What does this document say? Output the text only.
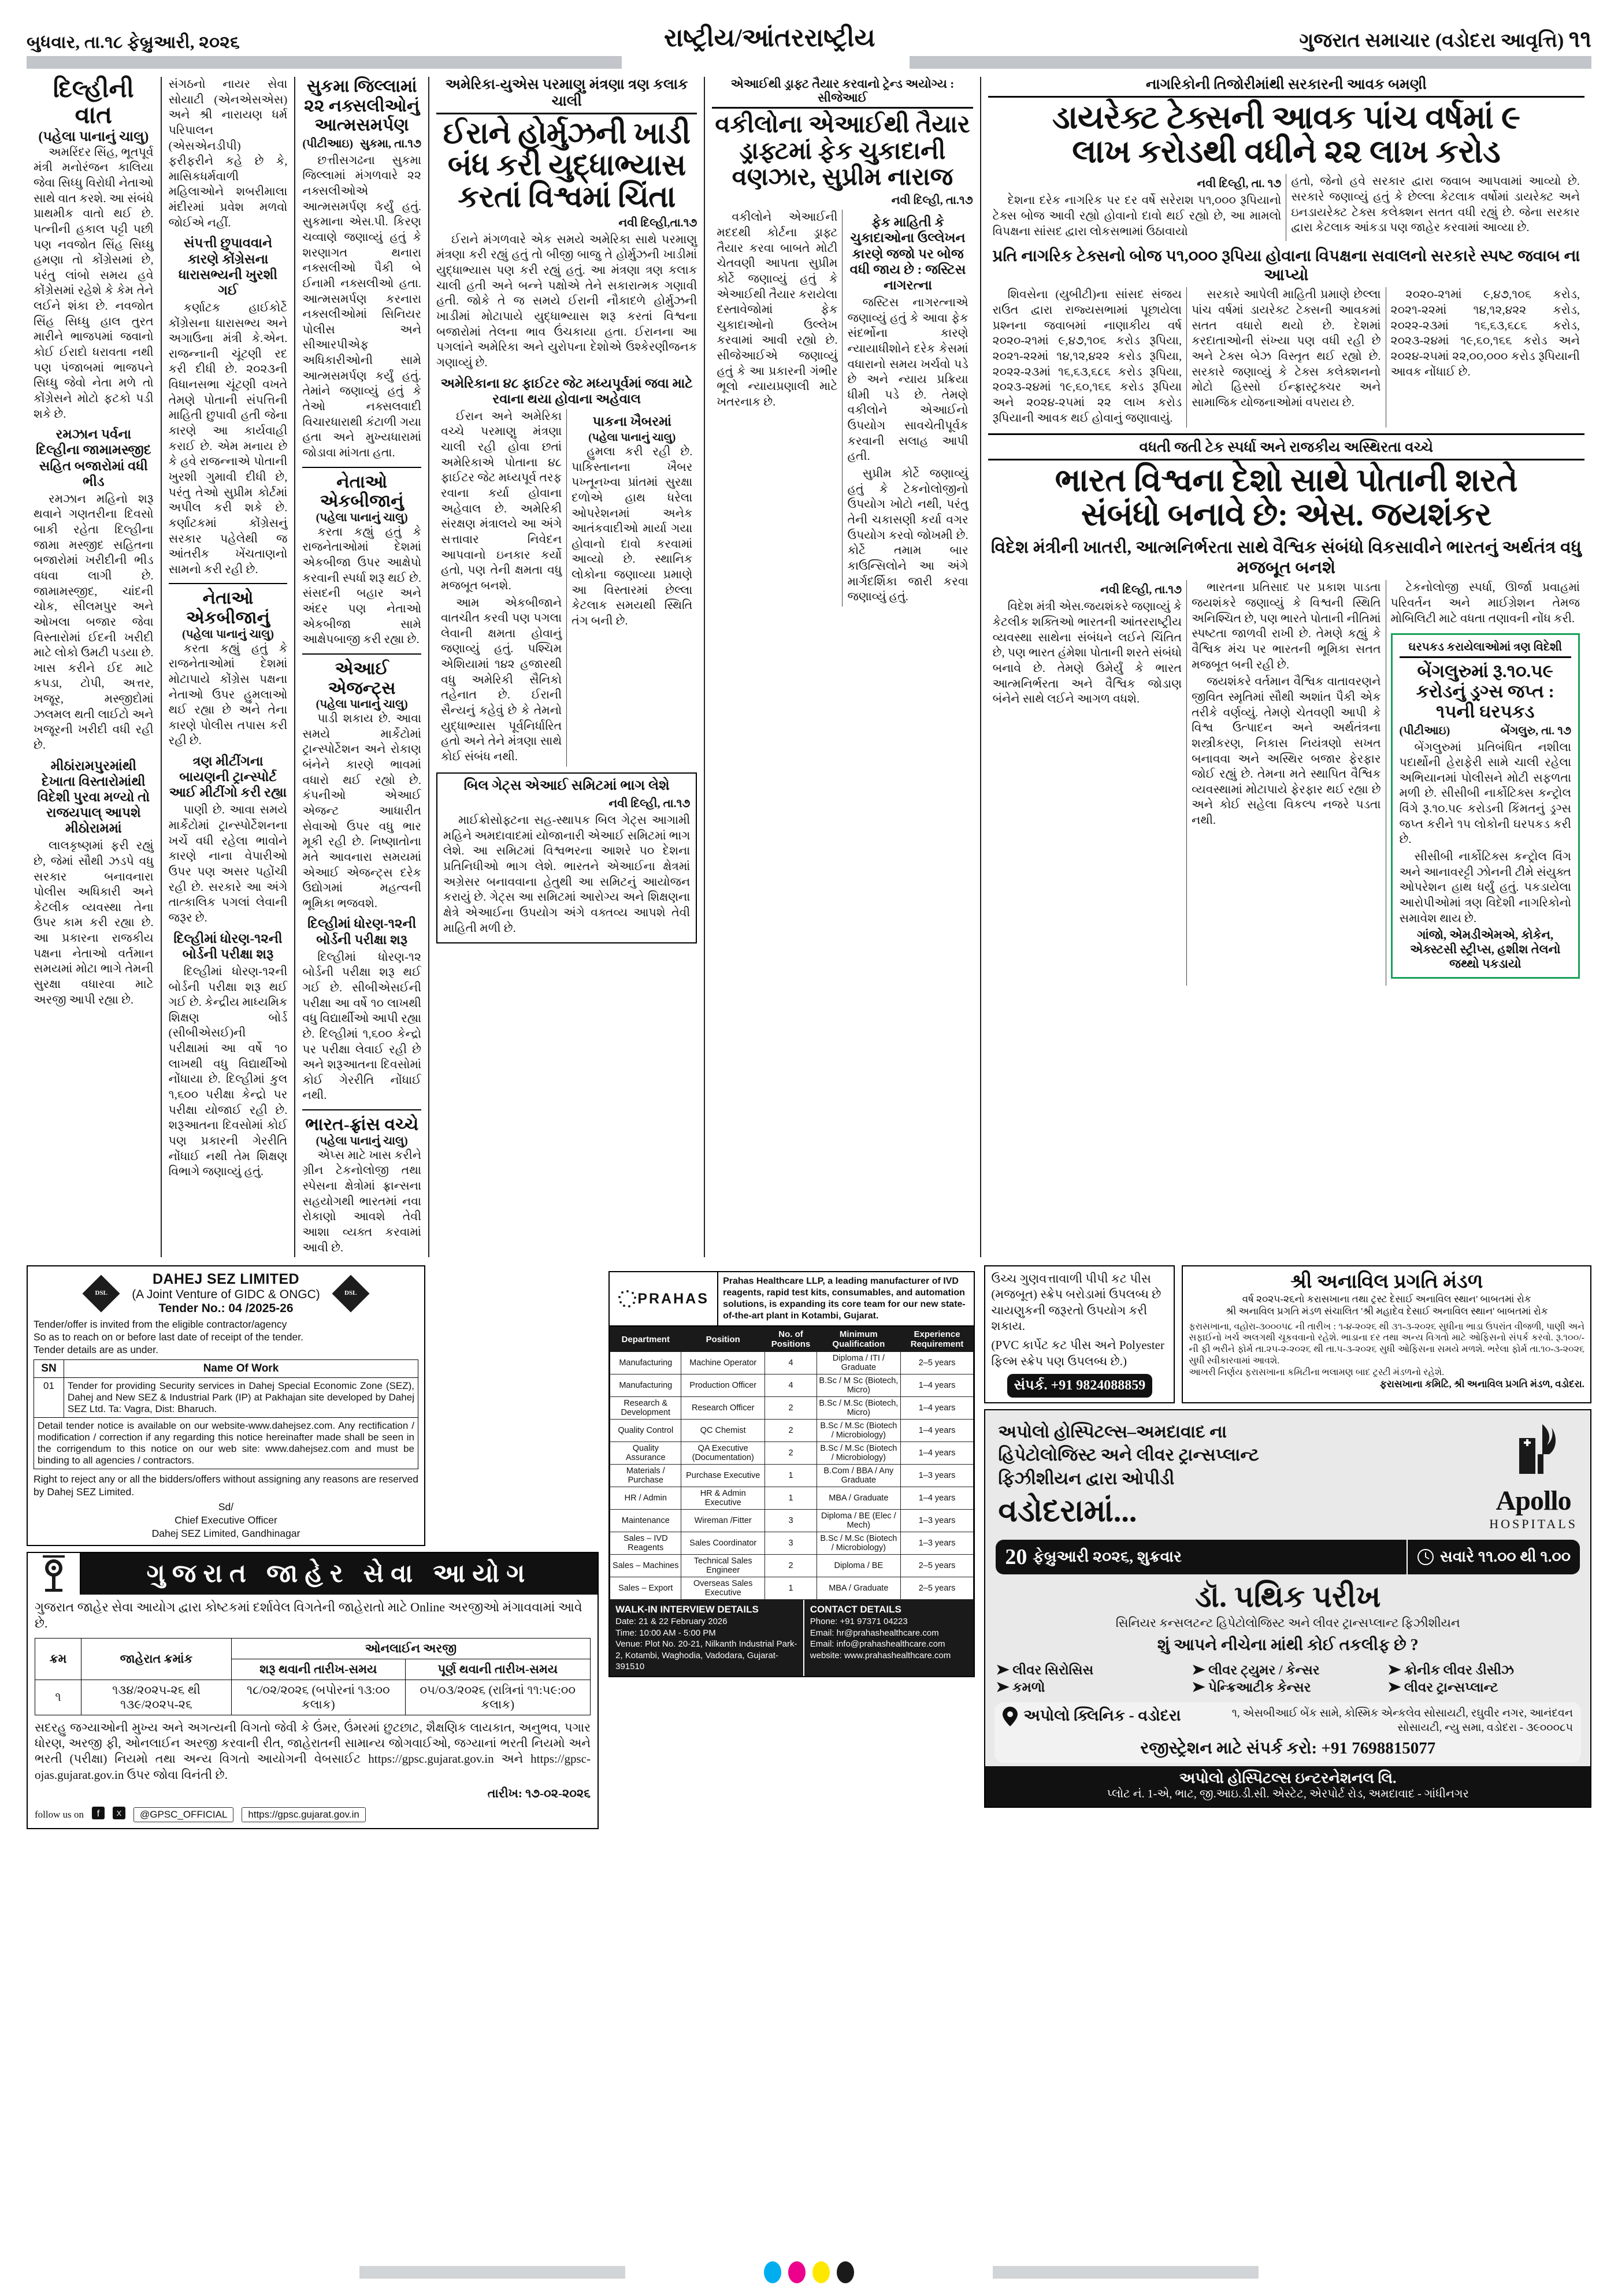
બુધવાર, તા.૧૮ ફેબ્રુઆરી, ૨૦૨૬	રાષ્ટ્રીય/આંતરરાષ્ટ્રીય	ગુજરાત સમાચાર (વડોદરા આવૃત્તિ) ૧૧
દિલ્હીની વાત
(પહેલા પાનાનું ચાલુ)

અમરિંદર સિંહ, ભૂતપૂર્વ મંત્રી મનોરંજન કાલિયા જેવા સિધ્ધુ વિરોધી નેતાઓ સાથે વાત કરશે. આ સંબંધે પ્રાથમીક વાતો થઈ છે. પત્નીની હકાલ પટ્ટી પછી પણ નવજોત સિંહ સિધ્ધુ હમણા તો કોંગ્રેસમાં છે, પરંતુ લાંબો સમય હવે કોંગ્રેસમાં રહેશે કે કેમ તેને લઈને શંકા છે. નવજોત સિંહ સિધ્ધુ હાલ તુરત મારીને ભાજપમાં જવાનો કોઈ ઈરાદો ધરાવતા નથી પણ પંજાબમાં ભાજપને સિધ્ધુ જેવો નેતા મળે તો કોંગ્રેસને મોટો ફટકો પડી શકે છે.

રમઝાન પર્વના દિલ્હીના જામામસ્જીદ સહિત બજારોમાં વધી ભીડ

રમઝાન મહિનો શરૂ થવાને ગણતરીના દિવસો બાકી રહેતા દિલ્હીના જામા મસ્જીદ સહિતના બજારોમાં ખરીદીની ભીડ વધવા લાગી છે. જામામસ્જીદ, ચાંદની ચોક, સીલમપુર અને ઓખલા બજાર જેવા વિસ્તારોમાં ઈદની ખરીદી માટે લોકો ઉમટી પડયા છે. ખાસ કરીને ઈદ માટે કપડા, ટોપી, અત્તર, ખજૂર, મસ્જીદોમાં ઝલમલ થતી લાઈટો અને ખજૂરની ખરીદી વધી રહી છે.

મીઠાંરામપુરમાંથી દેખાતા વિસ્તારોમાંથી વિદેશી પુરવા મળ્યો તો રાજયપાલ્ આપશે મીઠોરામમાં

લાલકૃષ્ણમાં ફરી રહ્યું છે, જેમાં સૌથી ઝડપે વધુ સરકાર બનાવનારા પોલીસ અધિકારી અને કેટલીક વ્યવસ્થા તેના ઉપર કામ કરી રહ્યા છે. આ પ્રકારના રાજકીય પક્ષના નેતાઓ વર્તમાન સમયમાં મોટા ભાગે તેમની સુરક્ષા વધારવા માટે અરજી આપી રહ્યા છે.

સંગઠનો નાયર સેવા સોયાટી (એનએસએસ) અને શ્રી નારાયણ ધર્મ પરિપાલન (એસએનડીપી) ફરીફરીને કહે છે કે, માસિકધર્મવાળી મહિલાઓને શબરીમાલા મંદીરમાં પ્રવેશ મળવો જોઈએ નહીં.

સંપત્તી છુપાવવાને કારણે કોંગ્રેસના ધારાસભ્યની ખુરશી ગઈ

કર્ણાટક હાઈકોર્ટે કોંગ્રેસના ધારાસભ્ય અને અગાઉના મંત્રી કે.એન. રાજન્નાની ચૂંટણી રદ કરી દીધી છે. ૨૦૨૩ની વિધાનસભા ચૂંટણી વખતે તેમણે પોતાની સંપત્તિની માહિતી છુપાવી હતી જેના કારણે આ કાર્યવાહી કરાઈ છે. એમ મનાય છે કે હવે રાજન્નાએ પોતાની ખુરશી ગુમાવી દીધી છે, પરંતુ તેઓ સુપ્રીમ કોર્ટમાં અપીલ કરી શકે છે. કર્ણાટકમાં કોંગ્રેસનું સરકાર પહેલેથી જ આંતરીક ખેંચતાણનો સામનો કરી રહી છે.

નેતાઓ એકબીજાનું
(પહેલા પાનાનું ચાલુ)

કરતા કહ્યું હતું કે રાજનેતાઓમાં દેશમાં મોટાપાયે કોંગ્રેસ પક્ષના નેતાઓ ઉપર હુમલાઓ થઈ રહ્યા છે અને તેના કારણે પોલીસ તપાસ કરી રહી છે.

ત્રણ મીટીંગના બાયણની ટ્રાન્સ્પોર્ટ આઈ મીટીંગો કરી રહ્યા

પાણી છે. આવા સમયે માર્કેટોમાં ટ્રાન્સ્પોર્ટેશનના ખર્ચે વધી રહેલા ભાવોને કારણે નાના વેપારીઓ ઉપર પણ અસર પહોંચી રહી છે. સરકારે આ અંગે તાત્કાલિક પગલાં લેવાની જરૂર છે.

દિલ્હીમાં ધોરણ-૧૨ની બોર્ડની પરીક્ષા શરૂ

દિલ્હીમાં ધોરણ-૧૨ની બોર્ડની પરીક્ષા શરૂ થઈ ગઈ છે. કેન્દ્રીય માધ્યમિક શિક્ષણ બોર્ડ (સીબીએસઈ)ની પરીક્ષામાં આ વર્ષે ૧૦ લાખથી વધુ વિદ્યાર્થીઓ નોંધાયા છે. દિલ્હીમાં કુલ ૧,૬૦૦ પરીક્ષા કેન્દ્રો પર પરીક્ષા યોજાઈ રહી છે. શરૂઆતના દિવસોમાં કોઈ પણ પ્રકારની ગેરરીતિ નોંધાઈ નથી તેમ શિક્ષણ વિભાગે જણાવ્યું હતું.

સુકમા જિલ્લામાં ૨૨ નક્સલીઓનું આત્મસમર્પણ
(પીટીઆઇ) સુકમા, તા.૧૭

છત્તીસગઢના સુકમા જિલ્લામાં મંગળવારે ૨૨ નક્સલીઓએ આત્મસમર્પણ કર્યું હતું. સુકમાના એસ.પી. કિરણ ચવ્વાણે જણાવ્યું હતું કે શરણાગત થનારા નક્સલીઓ પૈકી બે ઈનામી નક્સલીઓ હતા. આત્મસમર્પણ કરનારા નક્સલીઓમાં સિનિયર પોલીસ અને સીઆરપીએફ અધિકારીઓની સામે આત્મસમર્પણ કર્યું હતું. તેમાંને જણાવ્યું હતું કે તેઓ નક્સલવાદી વિચારધારાથી કંટાળી ગયા હતા અને મુખ્યધારામાં જોડાવા માંગતા હતા.

નેતાઓ એકબીજાનું
(પહેલા પાનાનું ચાલુ)

કરતા કહ્યું હતું કે રાજનેતાઓમાં દેશમાં એકબીજા ઉપર આક્ષેપો કરવાની સ્પર્ધા શરૂ થઈ છે. સંસદની બહાર અને અંદર પણ નેતાઓ એકબીજા સામે આક્ષેપબાજી કરી રહ્યા છે.

એઆઈ એજન્ટ્સ
(પહેલા પાનાનું ચાલુ)

પાડી શકાય છે. આવા સમયે માર્કેટોમાં ટ્રાન્સ્પોર્ટેશન અને રોકાણ બંનેને કારણે ભાવમાં વધારો થઈ રહ્યો છે. કંપનીઓ એઆઈ એજન્ટ આધારીત સેવાઓ ઉપર વધુ ભાર મૂકી રહી છે. નિષ્ણાતોના મતે આવનારા સમયમાં એઆઈ એજન્ટ્સ દરેક ઉદ્યોગમાં મહત્વની ભૂમિકા ભજવશે.

દિલ્હીમાં ધોરણ-૧૨ની બોર્ડની પરીક્ષા શરૂ

દિલ્હીમાં ધોરણ-૧૨ બોર્ડની પરીક્ષા શરૂ થઈ ગઈ છે. સીબીએસઈની પરીક્ષા આ વર્ષે ૧૦ લાખથી વધુ વિદ્યાર્થીઓ આપી રહ્યા છે. દિલ્હીમાં ૧,૬૦૦ કેન્દ્રો પર પરીક્ષા લેવાઈ રહી છે અને શરૂઆતના દિવસોમાં કોઈ ગેરરીતિ નોંધાઈ નથી.

ભારત-ફ્રાંસ વચ્ચે
(પહેલા પાનાનું ચાલુ)

એપ્સ માટે ખાસ કરીને ગ્રીન ટેકનોલોજી તથા સ્પેસના ક્ષેત્રોમાં ફ્રાન્સના સહયોગથી ભારતમાં નવા રોકાણો આવશે તેવી આશા વ્યક્ત કરવામાં આવી છે.

અમેરિકા-યુએસ પરમાણુ મંત્રણા ત્રણ કલાક ચાલી
ઈરાને હોર્મુઝની ખાડી બંધ કરી યુદ્ધાભ્યાસ કરતાં વિશ્વમાં ચિંતા
નવી દિલ્હી,તા.૧૭

ઈરાને મંગળવારે એક સમયે અમેરિકા સાથે પરમાણુ મંત્રણા કરી રહ્યું હતું તો બીજી બાજુ તે હોર્મુઝની ખાડીમાં યુદ્ધાભ્યાસ પણ કરી રહ્યું હતું. આ મંત્રણા ત્રણ કલાક ચાલી હતી અને બન્ને પક્ષોએ તેને સકારાત્મક ગણાવી હતી. જોકે તે જ સમયે ઈરાની નૌકાદળે હોર્મુઝની ખાડીમાં મોટાપાયે યુદ્ધાભ્યાસ શરૂ કરતાં વિશ્વના બજારોમાં તેલના ભાવ ઉંચકાયા હતા. ઈરાનના આ પગલાંને અમેરિકા અને યુરોપના દેશોએ ઉશ્કેરણીજનક ગણાવ્યું છે.

અમેરિકાના ૪૮ ફાઈટર જેટ મધ્યપૂર્વમાં જવા માટે રવાના થયા હોવાના અહેવાલ

ઈરાન અને અમેરિકા વચ્ચે પરમાણુ મંત્રણા ચાલી રહી હોવા છતાં અમેરિકાએ પોતાના ૪૮ ફાઈટર જેટ મધ્યપૂર્વ તરફ રવાના કર્યા હોવાના અહેવાલ છે. અમેરિકી સંરક્ષણ મંત્રાલયે આ અંગે સત્તાવાર નિવેદન આપવાનો ઇનકાર કર્યો હતો, પણ તેની ક્ષમતા વધુ મજબૂત બનશે.

આમ એકબીજાને વાતચીત કરવી પણ પગલા લેવાની ક્ષમતા હોવાનું જણાવ્યું હતું. પશ્ચિમ એશિયામાં ૧૪૨ હજારથી વધુ અમેરિકી સૈનિકો તહેનાત છે. ઈરાની સૈન્યનું કહેવું છે કે તેમનો યુદ્ધાભ્યાસ પૂર્વનિર્ધારિત હતો અને તેને મંત્રણા સાથે કોઈ સંબંધ નથી.

પાકના ખૈબરમાં
(પહેલા પાનાનું ચાલુ)

હુમલા કરી રહી છે. પાકિસ્તાનના ખૈબર પખ્તૂનખ્વા પ્રાંતમાં સુરક્ષા દળોએ હાથ ધરેલા ઓપરેશનમાં અનેક આતંકવાદીઓ માર્યા ગયા હોવાનો દાવો કરવામાં આવ્યો છે. સ્થાનિક લોકોના જણાવ્યા પ્રમાણે આ વિસ્તારમાં છેલ્લા કેટલાક સમયથી સ્થિતિ તંગ બની છે.

બિલ ગેટ્સ એઆઈ સમિટમાં ભાગ લેશે
નવી દિલ્હી, તા.૧૭

માઈક્રોસોફ્ટના સહ-સ્થાપક બિલ ગેટ્સ આગામી મહિને અમદાવાદમાં યોજાનારી એઆઈ સમિટમાં ભાગ લેશે. આ સમિટમાં વિશ્વભરના આશરે ૫૦ દેશના પ્રતિનિધીઓ ભાગ લેશે. ભારતને એઆઈના ક્ષેત્રમાં અગ્રેસર બનાવવાના હેતુથી આ સમિટનું આયોજન કરાયું છે. ગેટ્સ આ સમિટમાં આરોગ્ય અને શિક્ષણના ક્ષેત્રે એઆઈના ઉપયોગ અંગે વક્તવ્ય આપશે તેવી માહિતી મળી છે.

એઆઈથી ડ્રાફ્ટ તૈયાર કરવાનો ટ્રેન્ડ અયોગ્ય : સીજેઆઈ
વકીલોના એઆઈથી તૈયાર ડ્રાફ્ટમાં ફેક ચુકાદાની વણઝાર, સુપ્રીમ નારાજ
નવી દિલ્હી, તા.૧૭

વકીલોને એઆઈની મદદથી કોર્ટના ડ્રાફ્ટ તૈયાર કરવા બાબતે મોટી ચેતવણી આપતા સુપ્રીમ કોર્ટે જણાવ્યું હતું કે એઆઈથી તૈયાર કરાયેલા દસ્તાવેજોમાં ફેક ચુકાદાઓનો ઉલ્લેખ કરવામાં આવી રહ્યો છે. સીજેઆઈએ જણાવ્યું હતું કે આ પ્રકારની ગંભીર ભૂલો ન્યાયપ્રણાલી માટે ખતરનાક છે.

ફેક માહિતી કે ચુકાદાઓના ઉલ્લેખન કારણે જજો પર બોજ વધી જાય છે : જસ્ટિસ નાગરત્ના

જસ્ટિસ નાગરત્નાએ જણાવ્યું હતું કે આવા ફેક સંદર્ભોના કારણે ન્યાયાધીશોને દરેક કેસમાં વધારાનો સમય ખર્ચવો પડે છે અને ન્યાય પ્રક્રિયા ધીમી પડે છે. તેમણે વકીલોને એઆઈનો ઉપયોગ સાવચેતીપૂર્વક કરવાની સલાહ આપી હતી.

સુપ્રીમ કોર્ટે જણાવ્યું હતું કે ટેકનોલોજીનો ઉપયોગ ખોટો નથી, પરંતુ તેની ચકાસણી કર્યા વગર ઉપયોગ કરવો જોખમી છે. કોર્ટે તમામ બાર કાઉન્સિલોને આ અંગે માર્ગદર્શિકા જારી કરવા જણાવ્યું હતું.

નાગરિકોની તિજોરીમાંથી સરકારની આવક બમણી
ડાયરેક્ટ ટેક્સની આવક પાંચ વર્ષમાં ૯
લાખ કરોડથી વધીને ૨૨ લાખ કરોડ
નવી દિલ્હી, તા. ૧૭

દેશના દરેક નાગરિક પર દર વર્ષે સરેરાશ ૫૧,૦૦૦ રૂપિયાનો ટેક્સ બોજ આવી રહ્યો હોવાનો દાવો થઈ રહ્યો છે, આ મામલો વિપક્ષના સાંસદ દ્વારા લોકસભામાં ઉઠાવાયો

હતો, જેનો હવે સરકાર દ્વારા જવાબ આપવામાં આવ્યો છે. સરકારે જણાવ્યું હતું કે છેલ્લા કેટલાક વર્ષોમાં ડાયરેક્ટ અને ઇનડાયરેક્ટ ટેક્સ કલેક્શન સતત વધી રહ્યું છે. જેના સરકાર દ્વારા કેટલાક આંકડા પણ જાહેર કરવામાં આવ્યા છે.

પ્રતિ નાગરિક ટેક્સનો બોજ ૫૧,૦૦૦ રૂપિયા હોવાના વિપક્ષના સવાલનો સરકારે સ્પષ્ટ જવાબ ના આપ્યો

શિવસેના (યુબીટી)ના સાંસદ સંજય રાઉત દ્વારા રાજ્યસભામાં પૂછાયેલા પ્રશ્નના જવાબમાં નાણાકીય વર્ષ ૨૦૨૦-૨૧માં ૯,૪૭,૧૦૬ કરોડ રૂપિયા, ૨૦૨૧-૨૨માં ૧૪,૧૨,૪૨૨ કરોડ રૂપિયા, ૨૦૨૨-૨૩માં ૧૬,૬૩,૬૮૬ કરોડ રૂપિયા, ૨૦૨૩-૨૪માં ૧૯,૬૦,૧૬૬ કરોડ રૂપિયા અને ૨૦૨૪-૨૫માં ૨૨ લાખ કરોડ રૂપિયાની આવક થઈ હોવાનું જણાવાયું.

સરકારે આપેલી માહિતી પ્રમાણે છેલ્લા પાંચ વર્ષમાં ડાયરેક્ટ ટેક્સની આવકમાં સતત વધારો થયો છે. દેશમાં કરદાતાઓની સંખ્યા પણ વધી રહી છે અને ટેક્સ બેઝ વિસ્તૃત થઈ રહ્યો છે. સરકારે જણાવ્યું કે ટેક્સ કલેક્શનનો મોટો હિસ્સો ઈન્ફ્રાસ્ટ્રક્ચર અને સામાજિક યોજનાઓમાં વપરાય છે.

૨૦૨૦-૨૧માં ૯,૪૭,૧૦૬ કરોડ, ૨૦૨૧-૨૨માં ૧૪,૧૨,૪૨૨ કરોડ, ૨૦૨૨-૨૩માં ૧૬,૬૩,૬૮૬ કરોડ, ૨૦૨૩-૨૪માં ૧૯,૬૦,૧૬૬ કરોડ અને ૨૦૨૪-૨૫માં ૨૨,૦૦,૦૦૦ કરોડ રૂપિયાની આવક નોંધાઈ છે.

વધતી જતી ટેક સ્પર્ધા અને રાજકીય અસ્થિરતા વચ્ચે
ભારત વિશ્વના દેશો સાથે પોતાની શરતે
સંબંધો બનાવે છે: એસ. જયશંકર
વિદેશ મંત્રીની ખાતરી, આત્મનિર્ભરતા સાથે વૈશ્વિક સંબંધો વિકસાવીને ભારતનું અર્થતંત્ર વધુ મજબૂત બનશે
નવી દિલ્હી, તા.૧૭

વિદેશ મંત્રી એસ.જયશંકરે જણાવ્યું કે કેટલીક શક્તિઓ ભારતની આંતરરાષ્ટ્રીય વ્યવસ્થા સાથેના સંબંધને લઈને ચિંતિત છે, પણ ભારત હંમેશા પોતાની શરતે સંબંધો બનાવે છે. તેમણે ઉમેર્યું કે ભારત આત્મનિર્ભરતા અને વૈશ્વિક જોડાણ બંનેને સાથે લઈને આગળ વધશે.

ભારતના પ્રતિસાદ પર પ્રકાશ પાડતા જયશંકરે જણાવ્યું કે વિશ્વની સ્થિતિ અનિશ્ચિત છે, પણ ભારતે પોતાની નીતિમાં સ્પષ્ટતા જાળવી રાખી છે. તેમણે કહ્યું કે વૈશ્વિક મંચ પર ભારતની ભૂમિકા સતત મજબૂત બની રહી છે.

જયશંકરે વર્તમાન વૈશ્વિક વાતાવરણને જીવિત સ્મૃતિમાં સૌથી અશાંત પૈકી એક તરીકે વર્ણવ્યું. તેમણે ચેતવણી આપી કે વિશ્વ ઉત્પાદન અને અર્થતંત્રના શસ્ત્રીકરણ, નિકાસ નિયંત્રણો સખત બનાવવા અને અસ્થિર બજાર ફેરફાર જોઈ રહ્યું છે. તેમના મતે સ્થાપિત વૈશ્વિક વ્યવસ્થામાં મોટાપાયે ફેરફાર થઈ રહ્યા છે અને કોઈ સહેલા વિકલ્પ નજરે પડતા નથી.

ટેકનોલોજી સ્પર્ધા, ઊર્જા પ્રવાહમાં પરિવર્તન અને માઈગ્રેશન તેમજ મોબિલિટી માટે વધતા તણાવની નોંધ કરી.

ઘરપકડ કરાયેલાઓમાં ત્રણ વિદેશી
બેંગલુરુમાં રૂ.૧૦.૫૯ કરોડનું ડ્રગ્સ જપ્ત : ૧૫ની ઘરપકડ
(પીટીઆઇ)	બેંગલુરુ, તા. ૧૭

બેંગલુરુમાં પ્રતિબંધિત નશીલા પદાર્થોની હેરાફેરી સામે ચાલી રહેલા અભિયાનમાં પોલીસને મોટી સફળતા મળી છે. સીસીબી નાર્કોટિક્સ કન્ટ્રોલ વિંગે રૂ.૧૦.૫૯ કરોડની કિંમતનું ડ્રગ્સ જપ્ત કરીને ૧૫ લોકોની ઘરપકડ કરી છે.

સીસીબી નાર્કોટિક્સ કન્ટ્રોલ વિંગ અને આનાવરટ્ટી ઝોનની ટીમે સંયુક્ત ઓપરેશન હાથ ધર્યું હતું. પકડાયેલા આરોપીઓમાં ત્રણ વિદેશી નાગરિકોનો સમાવેશ થાય છે.

ગાંજો, એમડીએમએ, કોકેન, એક્સ્ટસી સ્ટ્રીપ્સ, હશીશ તેલનો જથ્થો પકડાયો
DSL
DAHEJ SEZ LIMITED
(A Joint Venture of GIDC & ONGC)
Tender No.: 04 /2025-26
DSL
Tender/offer is invited from the eligible contractor/agency
So as to reach on or before last date of receipt of the tender.
Tender details are as under.
SN	Name Of Work
01	Tender for providing Security services in Dahej Special Economic Zone (SEZ), Dahej and New SEZ & Industrial Park (IP) at Pakhajan site developed by Dahej SEZ Ltd. Ta: Vagra, Dist: Bharuch.
Detail tender notice is available on our website-www.dahejsez.com. Any rectification / modification / correction if any regarding this notice hereinafter made shall be seen in the corrigendum to this notice on our web site: www.dahejsez.com and must be binding to all agencies / contractors.	
Right to reject any or all the bidders/offers without assigning any reasons are reserved by Dahej SEZ Limited.
Sd/
Chief Executive Officer
Dahej SEZ Limited, Gandhinagar
ગુજરાત જાહેર સેવા આયોગ
ગુજરાત જાહેર સેવા આયોગ દ્વારા કોષ્ટકમાં દર્શાવેલ વિગતેની જાહેરાતો માટે Online અરજીઓ મંગાવવામાં આવે છે.
ક્રમ	જાહેરાત ક્રમાંક	ઓનલાઈન અરજી	
		શરૂ થવાની તારીખ-સમય	પૂર્ણ થવાની તારીખ-સમય
૧	૧૩૪/૨૦૨૫-૨૬ થી ૧૩૯/૨૦૨૫-૨૬	૧૮/૦૨/૨૦૨૬ (બપોરનાં ૧૩:૦૦ કલાક)	૦૫/૦૩/૨૦૨૬ (રાત્રિનાં ૧૧:૫૯:૦૦ કલાક)
સદરહુ જગ્યાઓની મુખ્ય અને અગત્યની વિગતો જેવી કે ઉંમર, ઉંમરમાં છુટછાટ, શૈક્ષણિક લાયકાત, અનુભવ, પગાર ધોરણ, અરજી ફી, ઓનલાઈન અરજી કરવાની રીત, જાહેરાતની સામાન્ય જોગવાઈઓ, જગ્યાનાં ભરતી નિયમો અને ભરતી (પરીક્ષા) નિયમો તથા અન્ય વિગતો આયોગની વેબસાઈટ https://gpsc.gujarat.gov.in અને https://gpsc-ojas.gujarat.gov.in ઉપર જોવા વિનંતી છે.
તારીખ: ૧૭-૦૨-૨૦૨૬
follow us on f X	@GPSC_OFFICIAL	https://gpsc.gujarat.gov.in
PRAHAS
Prahas Healthcare LLP, a leading manufacturer of IVD reagents, rapid test kits, consumables, and automation solutions, is expanding its core team for our new state-of-the-art plant in Kotambi, Gujarat.
Department	Position	No. of Positions	Minimum Qualification	Experience Requirement
Manufacturing	Machine Operator	4	Diploma / ITI / Graduate	2–5 years
Manufacturing	Production Officer	4	B.Sc / M Sc (Biotech, Micro)	1–4 years
Research & Development	Research Officer	2	B.Sc / M.Sc (Biotech, Micro)	1–4 years
Quality Control	QC Chemist	2	B.Sc / M.Sc (Biotech / Microbiology)	1–4 years
Quality Assurance	QA Executive (Documentation)	2	B.Sc / M.Sc (Biotech / Microbiology)	1–4 years
Materials / Purchase	Purchase Executive	1	B.Com / BBA / Any Graduate	1–3 years
HR / Admin	HR & Admin Executive	1	MBA / Graduate	1–4 years
Maintenance	Wireman /Fitter	3	Diploma / BE (Elec / Mech)	1–3 years
Sales – IVD Reagents	Sales Coordinator	3	B.Sc / M.Sc (Biotech / Microbiology)	1–3 years
Sales – Machines	Technical Sales Engineer	2	Diploma / BE	2–5 years
Sales – Export	Overseas Sales Executive	1	MBA / Graduate	2–5 years
WALK-IN INTERVIEW DETAILS
Date: 21 & 22 February 2026
Time: 10:00 AM - 5:00 PM
Venue: Plot No. 20-21, Nilkanth Industrial Park-2, Kotambi, Waghodia, Vadodara, Gujarat-391510
CONTACT DETAILS
Phone: +91 97371 04223
Email: hr@prahashealthcare.com
Email: info@prahashealthcare.com
website: www.prahashealthcare.com
ઉચ્ચ ગુણવત્તાવાળી પીપી કટ પીસ (મજબૂત) સ્ક્રેપ બરોડામાં ઉપલબ્ધ છે ચાયણુકની જરૂરતો ઉપયોગ કરી શકાય.
(PVC કાર્પેટ કટ પીસ અને Polyester ફિલ્મ સ્ક્રેપ પણ ઉપલબ્ધ છે.)
સંપર્ક. +91 9824088859
શ્રી અનાવિલ પ્રગતિ મંડળ
વર્ષ ૨૦૨૫-૨૬નો કરાસખાના તથા ટ્રસ્ટ દેસાઈ અનાવિલ સ્થાન' બાબતમાં રોક
શ્રી અનાવિલ પ્રગતિ મંડળ સંચાલિત 'શ્રી મહાદેવ દેસાઈ અનાવિલ સ્થાન' બાબતમાં રોક
ફરાસખાના, વહોરા-૩૦૦૦૫૮ ની તારીખ : ૧-૪-૨૦૨૬ થી ૩૧-૩-૨૦૨૬ સુધીના ભાડા ઉપરાંત વીજળી, પાણી અને સફાઈનો ખર્ચ અલગથી ચૂકવવાનો રહેશે. ભાડાના દર તથા અન્ય વિગતો માટે ઓફિસનો સંપર્ક કરવો. રૂ.૧૦૦/- ની ફી ભરીને ફોર્મ તા.૨૫-૨-૨૦૨૬ થી તા.૫-૩-૨૦૨૬ સુધી ઓફિસના સમયે મળશે. ભરેલા ફોર્મ તા.૧૦-૩-૨૦૨૬ સુધી સ્વીકારવામાં આવશે.
આખરી નિર્ણય ફરાસખાના કમિટીના ભલામણ બાદ ટ્રસ્ટી મંડળનો રહેશે.
ફરાસખાના કમિટિ, શ્રી અનાવિલ પ્રગતિ મંડળ, વડોદરા.
અપોલો હોસ્પિટલ્સ–અમદાવાદ ના
હિપેટોલોજિસ્ટ અને લીવર ટ્રાન્સપ્લાન્ટ
ફિઝીશીયન દ્વારા ઓપીડી
વડોદરામાં...	Apollo
HOSPITALS
20 ફેબ્રુઆરી ૨૦૨૬, શુક્રવાર	સવારે ૧૧.૦૦ થી ૧.૦૦
ડૉ. પથિક પરીખ
સિનિયર કન્સલટન્ટ હિપેટોલોજિસ્ટ અને લીવર ટ્રાન્સપ્લાન્ટ ફિઝીશીયન
શું આપને નીચેના માંથી કોઈ તકલીફ છે ?
➤ લીવર સિરોસિસ	➤ લીવર ટ્યુમર / કેન્સર	➤ ક્રોનીક લીવર ડીસીઝ
➤ કમળો	➤ પેન્ક્રિઆટીક કેન્સર	➤ લીવર ટ્રાન્સપ્લાન્ટ
અપોલો ક્લિનિક - વડોદરા	૧, એસબીઆઈ બેંક સામે, કોસ્મિક એન્કલેવ સોસાયટી, રઘુવીર નગર, આનંદવન સોસાયટી, ન્યુ સમા, વડોદરા - ૩૯૦૦૦૮૫
રજીસ્ટ્રેશન માટે સંપર્ક કરો: +91 7698815077
અપોલો હોસ્પિટલ્સ ઇન્ટરનેશનલ લિ.
પ્લોટ નં. 1-એ, ભાટ, જી.આઇ.ડી.સી. એસ્ટેટ, એરપોર્ટ રોડ, અમદાવાદ - ગાંધીનગર
